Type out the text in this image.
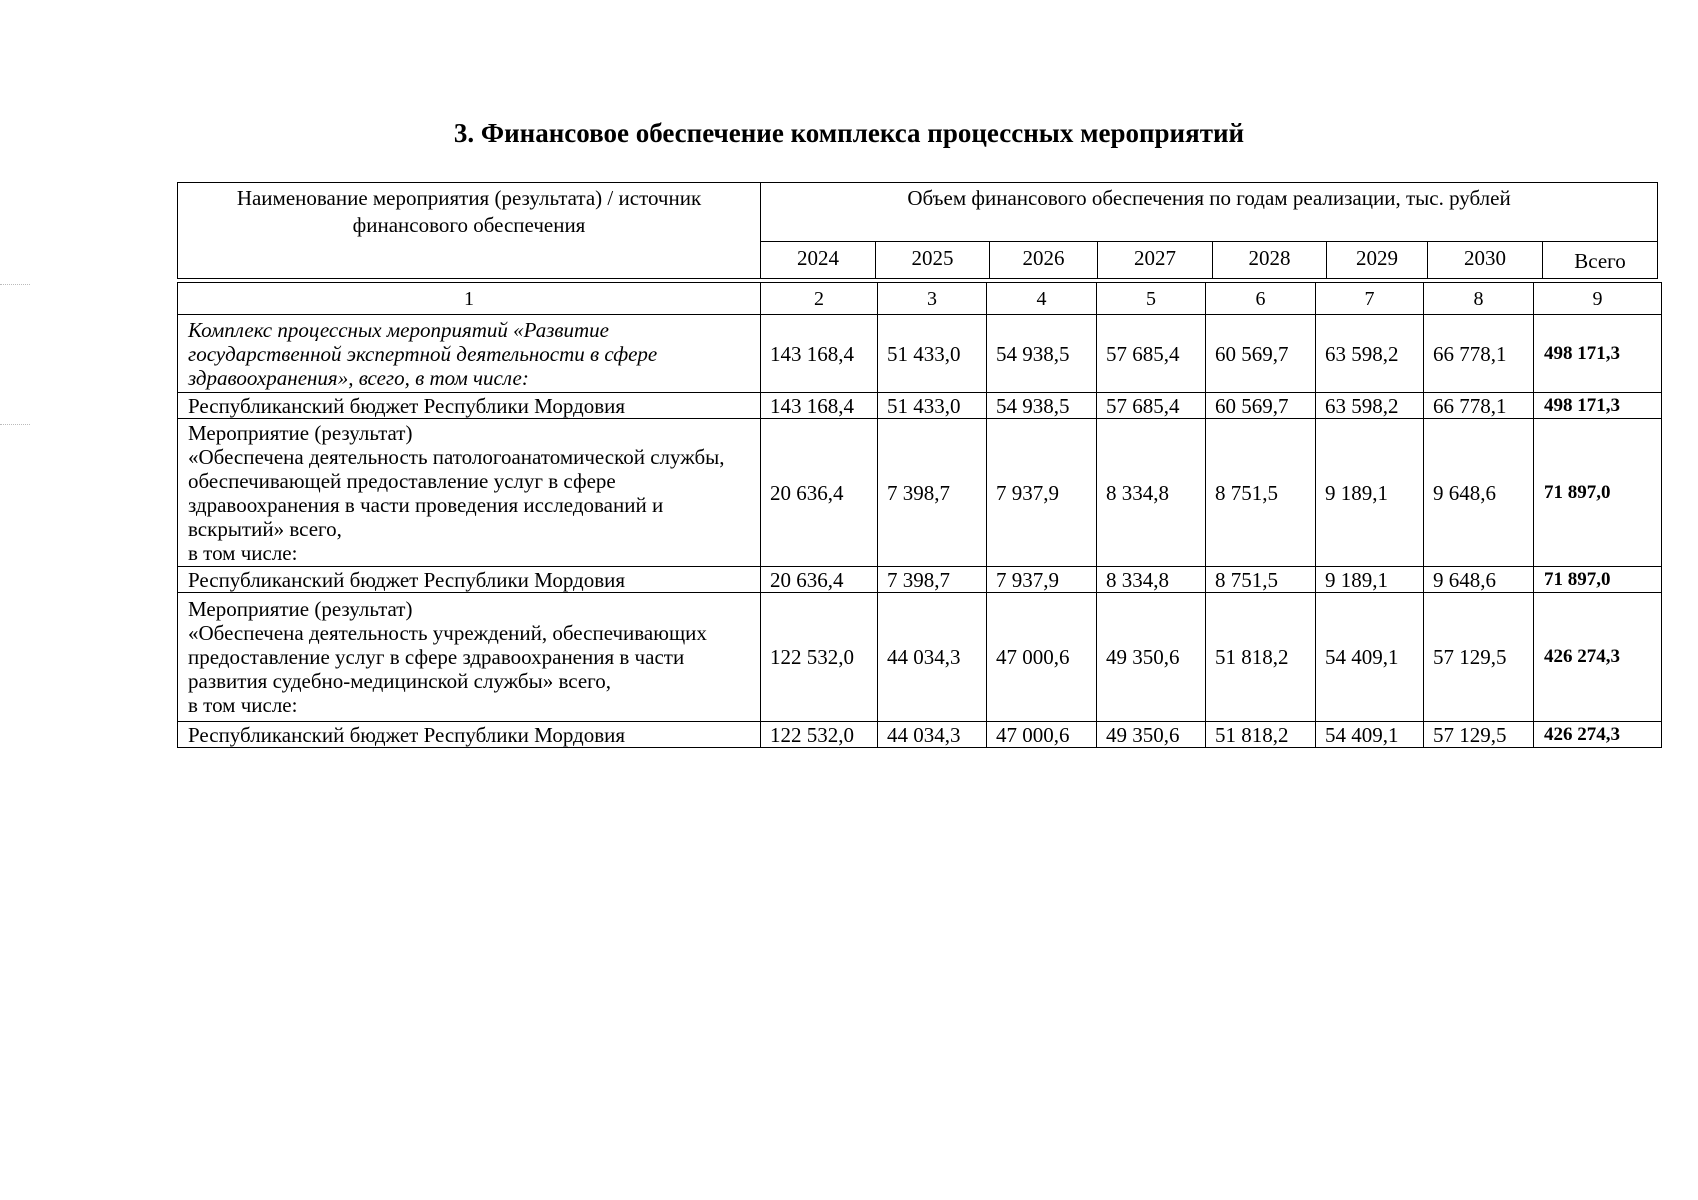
3. Финансовое обеспечение комплекса процессных мероприятий
Наименование мероприятия (результата) / источник финансового обеспечения	Объем финансового обеспечения по годам реализации, тыс. рублей							
	2024	2025	2026	2027	2028	2029	2030	Всего
1	2	3	4	5	6	7	8	9
Комплекс процессных мероприятий «Развитие государственной экспертной деятельности в сфере здравоохранения», всего, в том числе:	143 168,4	51 433,0	54 938,5	57 685,4	60 569,7	63 598,2	66 778,1	498 171,3
Республиканский бюджет Республики Мордовия	143 168,4	51 433,0	54 938,5	57 685,4	60 569,7	63 598,2	66 778,1	498 171,3
Мероприятие (результат)
«Обеспечена деятельность патологоанатомической службы, обеспечивающей предоставление услуг в сфере здравоохранения в части проведения исследований и вскрытий» всего,
в том числе:	20 636,4	7 398,7	7 937,9	8 334,8	8 751,5	9 189,1	9 648,6	71 897,0
Республиканский бюджет Республики Мордовия	20 636,4	7 398,7	7 937,9	8 334,8	8 751,5	9 189,1	9 648,6	71 897,0
Мероприятие (результат)
«Обеспечена деятельность учреждений, обеспечивающих предоставление услуг в сфере здравоохранения в части развития судебно-медицинской службы» всего,
в том числе:	122 532,0	44 034,3	47 000,6	49 350,6	51 818,2	54 409,1	57 129,5	426 274,3
Республиканский бюджет Республики Мордовия	122 532,0	44 034,3	47 000,6	49 350,6	51 818,2	54 409,1	57 129,5	426 274,3
